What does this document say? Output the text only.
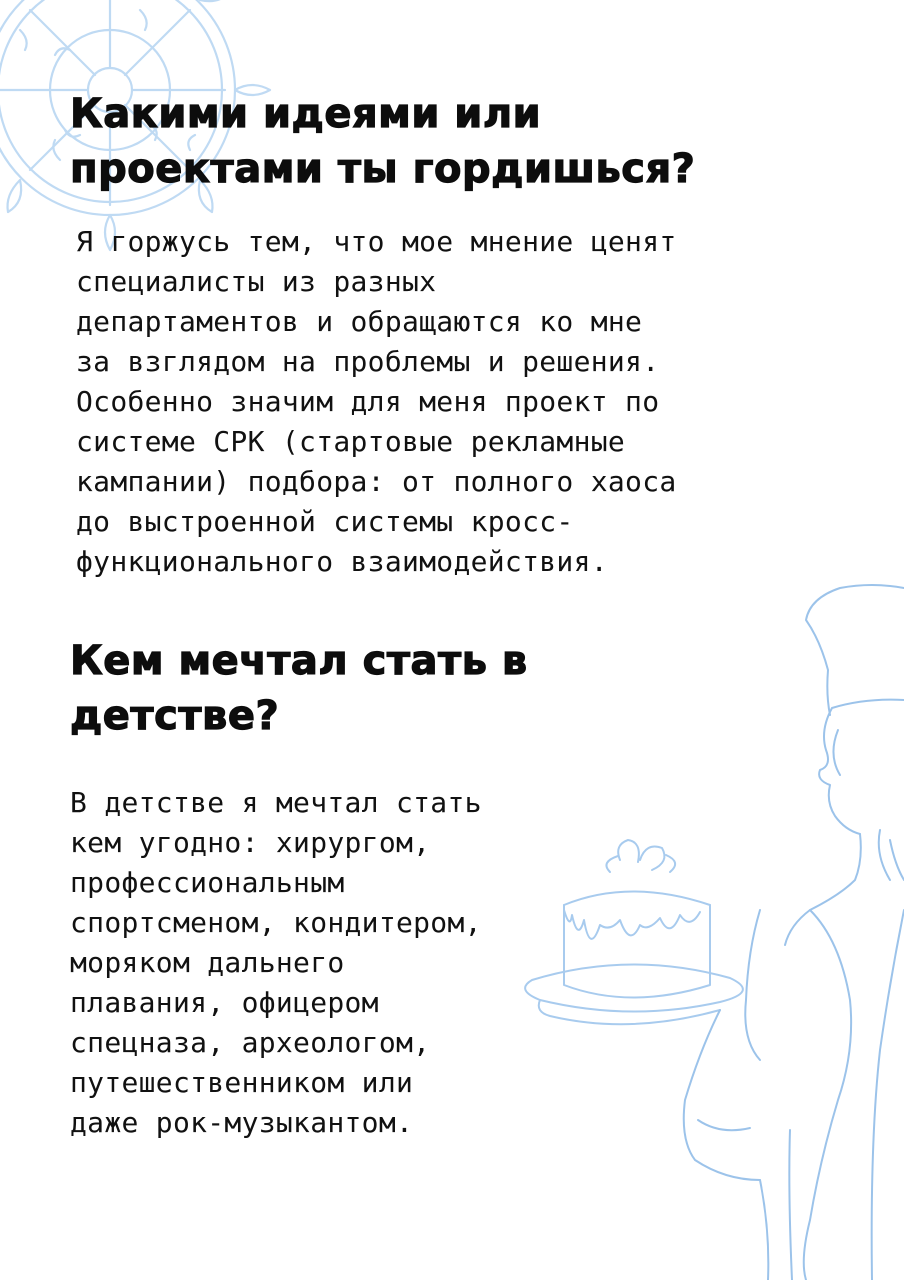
Какими идеями или
проектами ты гордишься?

Я горжусь тем, что мое мнение ценят
специалисты из разных
департаментов и обращаются ко мне
за взглядом на проблемы и решения.
Особенно значим для меня проект по
системе СРК (стартовые рекламные
кампании) подбора: от полного хаоса
до выстроенной системы кросс-
функционального взаимодействия.

Кем мечтал стать в
детстве?

В детстве я мечтал стать
кем угодно: хирургом,
профессиональным
спортсменом, кондитером,
моряком дальнего
плавания, офицером
спецназа, археологом,
путешественником или
даже рок-музыкантом.
